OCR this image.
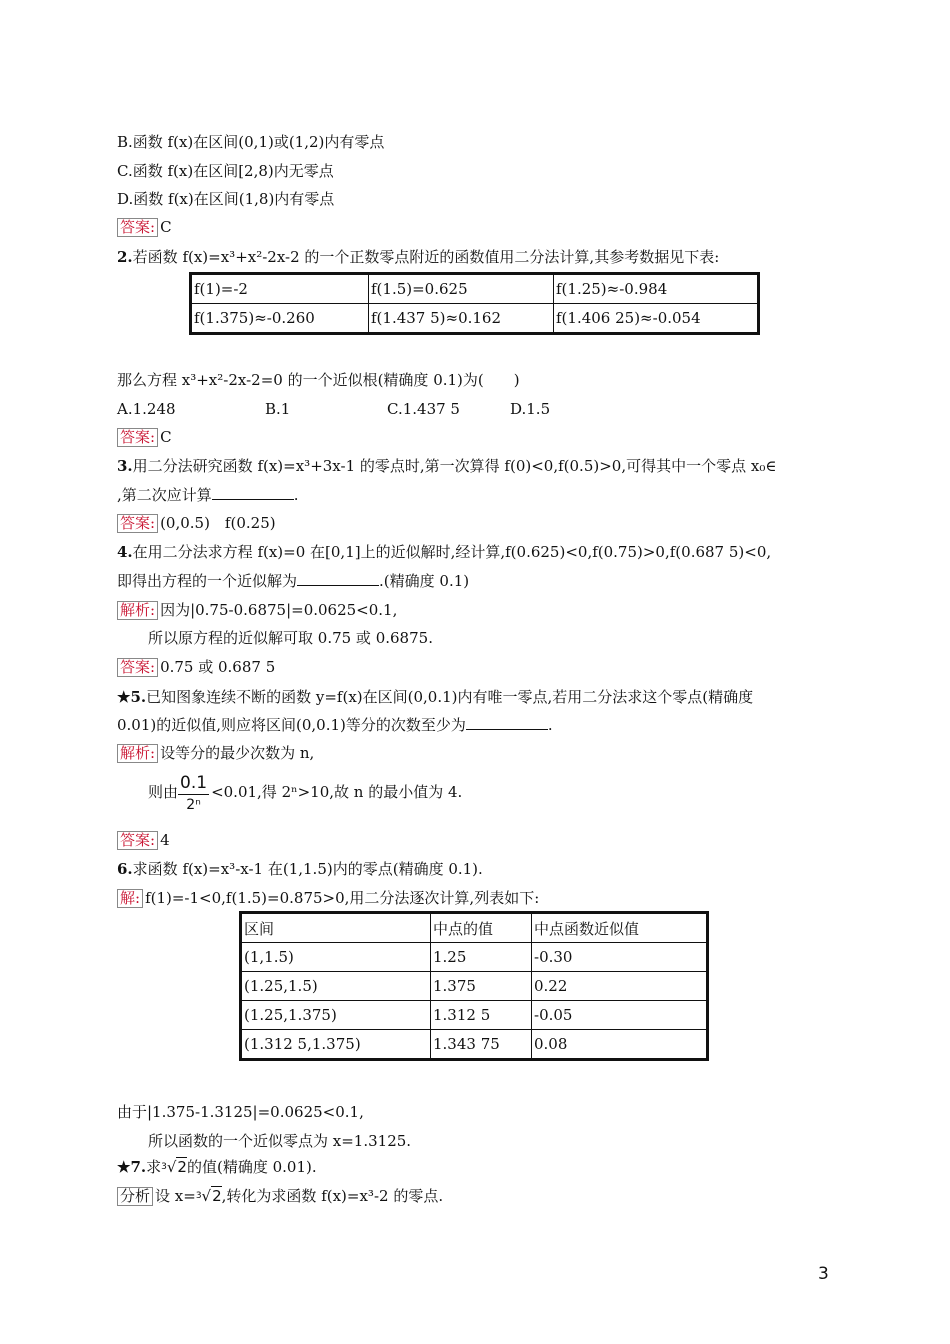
B.函数 f(x)在区间(0,1)或(1,2)内有零点
C.函数 f(x)在区间[2,8)内无零点
D.函数 f(x)在区间(1,8)内有零点
答案: C
2.若函数 f(x)=x³+x²-2x-2 的一个正数零点附近的函数值用二分法计算,其参考数据见下表:
f(1)=-2	f(1.5)=0.625	f(1.25)≈-0.984
f(1.375)≈-0.260	f(1.437 5)≈0.162	f(1.406 25)≈-0.054
那么方程 x³+x²-2x-2=0 的一个近似根(精确度 0.1)为(　　)
A.1.248	B.1	C.1.437 5	D.1.5
答案: C
3.用二分法研究函数 f(x)=x³+3x-1 的零点时,第一次算得 f(0)<0,f(0.5)>0,可得其中一个零点 x₀∈
,第二次应计算	.
答案: (0,0.5)　f(0.25)
4.在用二分法求方程 f(x)=0 在[0,1]上的近似解时,经计算,f(0.625)<0,f(0.75)>0,f(0.687 5)<0,
即得出方程的一个近似解为	.(精确度 0.1)
解析: 因为|0.75-0.6875|=0.0625<0.1,
所以原方程的近似解可取 0.75 或 0.6875.
答案: 0.75 或 0.687 5
★5.已知图象连续不断的函数 y=f(x)在区间(0,0.1)内有唯一零点,若用二分法求这个零点(精确度
0.01)的近似值,则应将区间(0,0.1)等分的次数至少为	.
解析: 设等分的最少次数为 n,
则由 $\frac{0.1}{\text{2ⁿ}} <0.01$,得 2ⁿ>10,故 n 的最小值为 4.
答案: 4
6.求函数 f(x)=x³-x-1 在(1,1.5)内的零点(精确度 0.1).
解: f(1)=-1<0,f(1.5)=0.875>0,用二分法逐次计算,列表如下:
区间	中点的值	中点函数近似值
(1,1.5)	1.25	-0.30
(1.25,1.5)	1.375	0.22
(1.25,1.375)	1.312 5	-0.05
(1.312 5,1.375)	1.343 75	0.08
由于|1.375-1.3125|=0.0625<0.1,
所以函数的一个近似零点为 x=1.3125.
★7.求$^3$√2的值(精确度 0.01).
分析 设 x=$^3$√2,转化为求函数 f(x)=x³-2 的零点.
3
